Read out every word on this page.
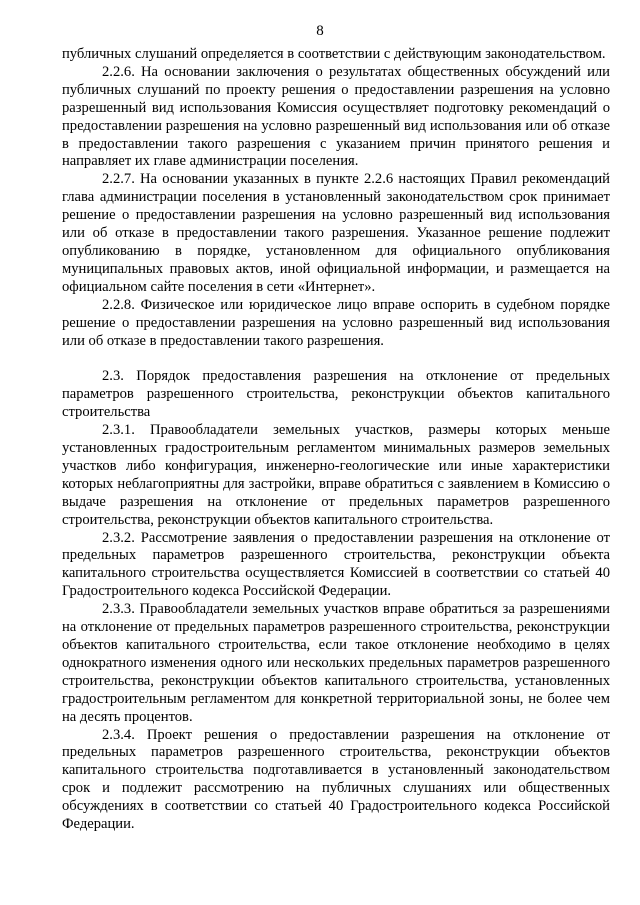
8

публичных слушаний определяется в соответствии с действующим законодательством.

2.2.6. На основании заключения о результатах общественных обсуждений или публичных слушаний по проекту решения о предоставлении разрешения на условно разрешенный вид использования Комиссия осуществляет подготовку рекомендаций о предоставлении разрешения на условно разрешенный вид использования или об отказе в предоставлении такого разрешения с указанием причин принятого решения и направляет их главе администрации поселения.

2.2.7. На основании указанных в пункте 2.2.6 настоящих Правил рекомендаций глава администрации поселения в установленный законодательством срок принимает решение о предоставлении разрешения на условно разрешенный вид использования или об отказе в предоставлении такого разрешения. Указанное решение подлежит опубликованию в порядке, установленном для официального опубликования муниципальных правовых актов, иной официальной информации, и размещается на официальном сайте поселения в сети «Интернет».

2.2.8. Физическое или юридическое лицо вправе оспорить в судебном порядке решение о предоставлении разрешения на условно разрешенный вид использования или об отказе в предоставлении такого разрешения.

2.3. Порядок предоставления разрешения на отклонение от предельных параметров разрешенного строительства, реконструкции объектов капитального строительства

2.3.1. Правообладатели земельных участков, размеры которых меньше установленных градостроительным регламентом минимальных размеров земельных участков либо конфигурация, инженерно-геологические или иные характеристики которых неблагоприятны для застройки, вправе обратиться с заявлением в Комиссию о выдаче разрешения на отклонение от предельных параметров разрешенного строительства, реконструкции объектов капитального строительства.

2.3.2. Рассмотрение заявления о предоставлении разрешения на отклонение от предельных параметров разрешенного строительства, реконструкции объекта капитального строительства осуществляется Комиссией в соответствии со статьей 40 Градостроительного кодекса Российской Федерации.

2.3.3. Правообладатели земельных участков вправе обратиться за разрешениями на отклонение от предельных параметров разрешенного строительства, реконструкции объектов капитального строительства, если такое отклонение необходимо в целях однократного изменения одного или нескольких предельных параметров разрешенного строительства, реконструкции объектов капитального строительства, установленных градостроительным регламентом для конкретной территориальной зоны, не более чем на десять процентов.

2.3.4. Проект решения о предоставлении разрешения на отклонение от предельных параметров разрешенного строительства, реконструкции объектов капитального строительства подготавливается в установленный законодательством срок и подлежит рассмотрению на публичных слушаниях или общественных обсуждениях в соответствии со статьей 40 Градостроительного кодекса Российской Федерации.
